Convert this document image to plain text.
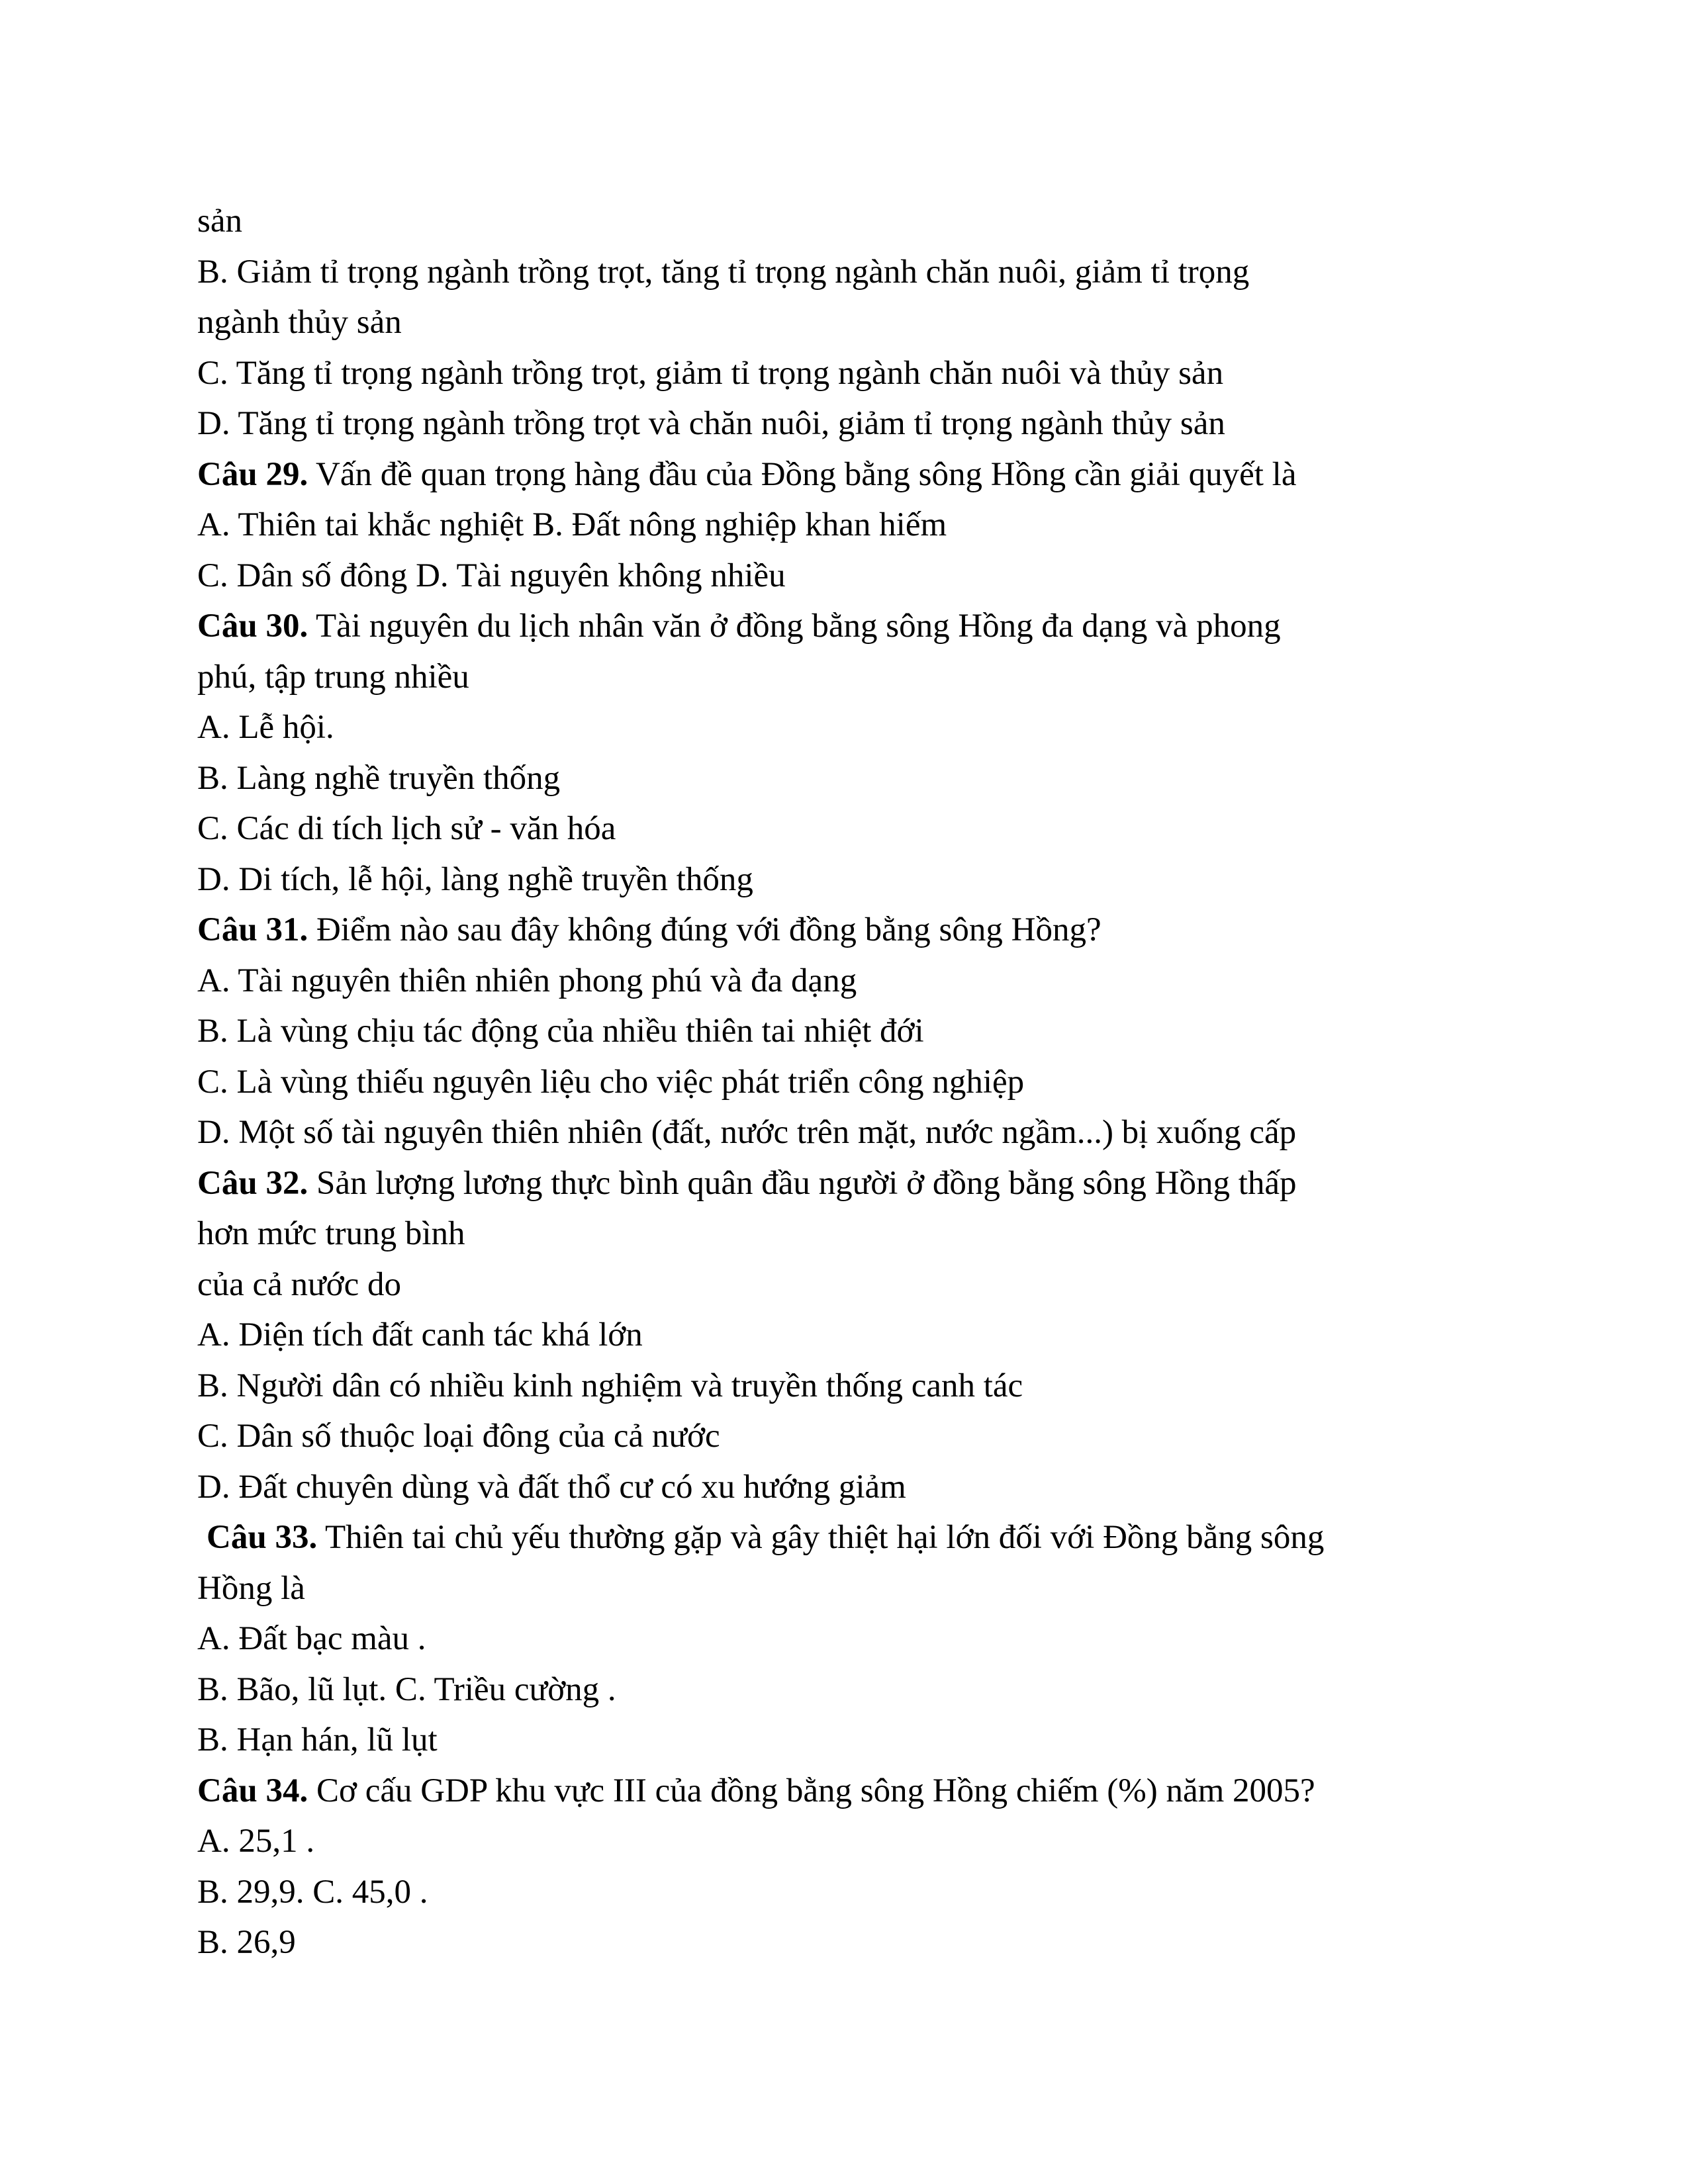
sản
B. Giảm tỉ trọng ngành trồng trọt, tăng tỉ trọng ngành chăn nuôi, giảm tỉ trọng
ngành thủy sản
C. Tăng tỉ trọng ngành trồng trọt, giảm tỉ trọng ngành chăn nuôi và thủy sản
D. Tăng tỉ trọng ngành trồng trọt và chăn nuôi, giảm tỉ trọng ngành thủy sản
Câu 29. Vấn đề quan trọng hàng đầu của Đồng bằng sông Hồng cần giải quyết là
A. Thiên tai khắc nghiệt B. Đất nông nghiệp khan hiếm
C. Dân số đông D. Tài nguyên không nhiều
Câu 30. Tài nguyên du lịch nhân văn ở đồng bằng sông Hồng đa dạng và phong
phú, tập trung nhiều
A. Lễ hội.
B. Làng nghề truyền thống
C. Các di tích lịch sử - văn hóa
D. Di tích, lễ hội, làng nghề truyền thống
Câu 31. Điểm nào sau đây không đúng với đồng bằng sông Hồng?
A. Tài nguyên thiên nhiên phong phú và đa dạng
B. Là vùng chịu tác động của nhiều thiên tai nhiệt đới
C. Là vùng thiếu nguyên liệu cho việc phát triển công nghiệp
D. Một số tài nguyên thiên nhiên (đất, nước trên mặt, nước ngầm...) bị xuống cấp
Câu 32. Sản lượng lương thực bình quân đầu người ở đồng bằng sông Hồng thấp
hơn mức trung bình
của cả nước do
A. Diện tích đất canh tác khá lớn
B. Người dân có nhiều kinh nghiệm và truyền thống canh tác
C. Dân số thuộc loại đông của cả nước
D. Đất chuyên dùng và đất thổ cư có xu hướng giảm
Câu 33. Thiên tai chủ yếu thường gặp và gây thiệt hại lớn đối với Đồng bằng sông
Hồng là
A. Đất bạc màu .
B. Bão, lũ lụt. C. Triều cường .
B. Hạn hán, lũ lụt
Câu 34. Cơ cấu GDP khu vực III của đồng bằng sông Hồng chiếm (%) năm 2005?
A. 25,1 .
B. 29,9. C. 45,0 .
B. 26,9
